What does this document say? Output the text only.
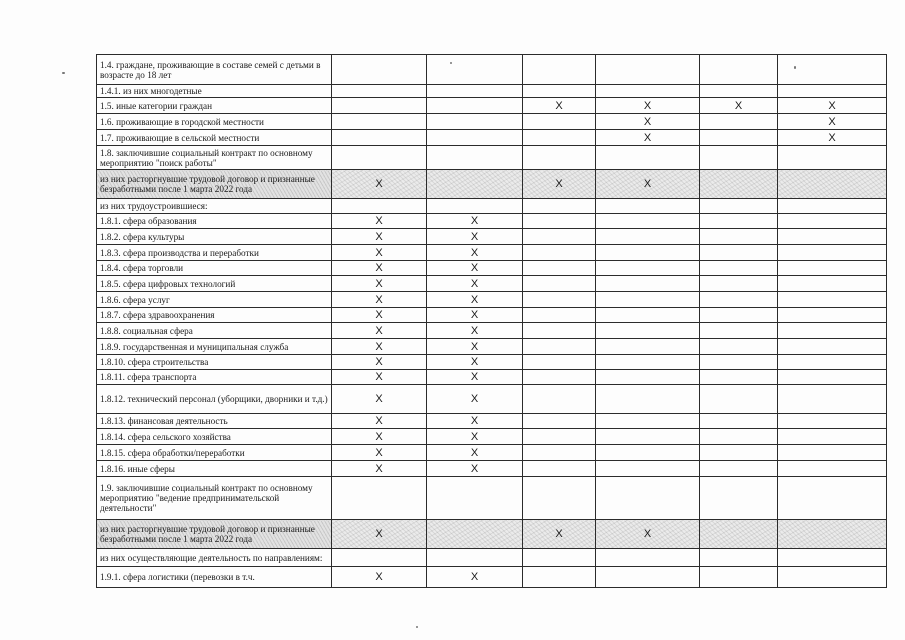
1.4. граждане, проживающие в составе семей с детьми в возрасте до 18 лет						
1.4.1. из них многодетные						
1.5. иные категории граждан			X	X	X	X
1.6. проживающие в городской местности				X		X
1.7. проживающие в сельской местности				X		X
1.8. заключившие социальный контракт по основному мероприятию "поиск работы"						
из них расторгнувшие трудовой договор и признанные безработными после 1 марта 2022 года	X		X	X		
из них трудоустроившиеся:						
1.8.1. сфера образования	X	X				
1.8.2. сфера культуры	X	X				
1.8.3. сфера производства и переработки	X	X				
1.8.4. сфера торговли	X	X				
1.8.5. сфера цифровых технологий	X	X				
1.8.6. сфера услуг	X	X				
1.8.7. сфера здравоохранения	X	X				
1.8.8. социальная сфера	X	X				
1.8.9. государственная и муниципальная служба	X	X				
1.8.10. сфера строительства	X	X				
1.8.11. сфера транспорта	X	X				
1.8.12. технический персонал (уборщики, дворники и т.д.)	X	X				
1.8.13. финансовая деятельность	X	X				
1.8.14. сфера сельского хозяйства	X	X				
1.8.15. сфера обработки/переработки	X	X				
1.8.16. иные сферы	X	X				
1.9. заключившие социальный контракт по основному мероприятию "ведение предпринимательской деятельности"						
из них расторгнувшие трудовой договор и признанные безработными после 1 марта 2022 года	X		X	X		
из них осуществляющие деятельность по направлениям:						
1.9.1. сфера логистики (перевозки в т.ч.	X	X				
